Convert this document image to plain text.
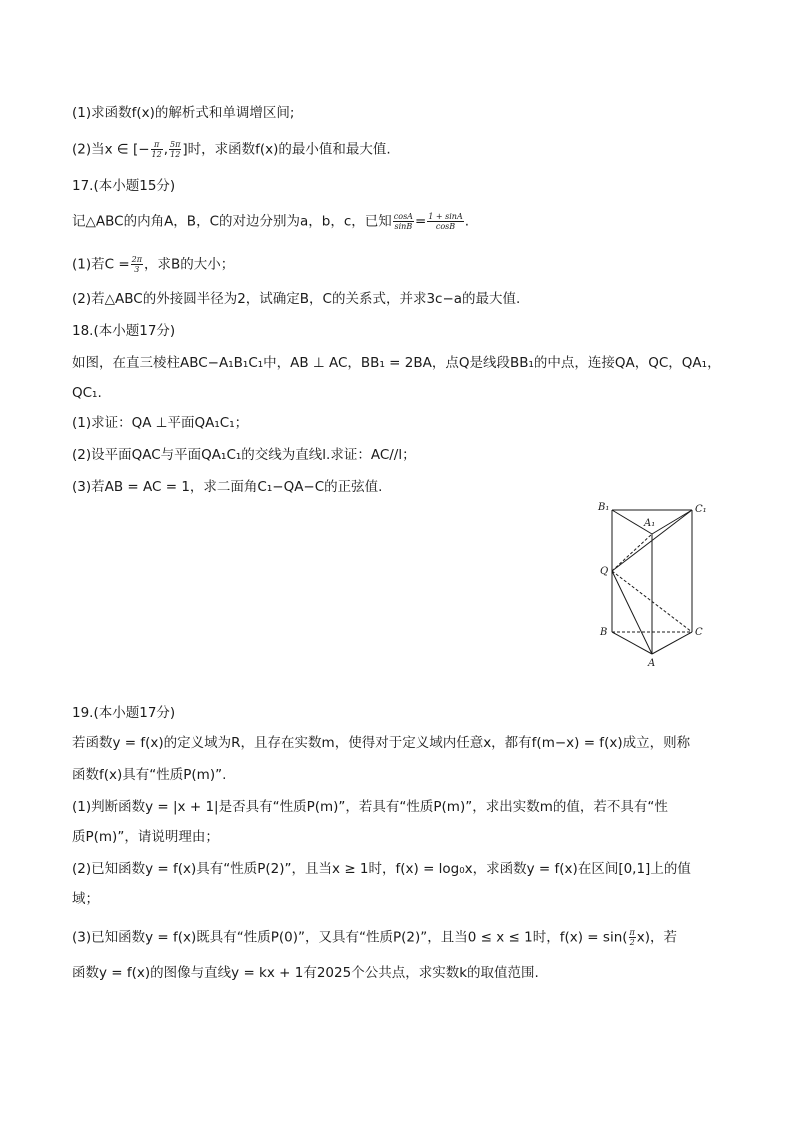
(1)求函数f(x)的解析式和单调增区间;
(2)当x ∈ [− $\frac{\pi}{12}$ , $\frac{5\pi}{12}$ ]时，求函数f(x)的最小值和最大值.
17.(本小题15分)
记△ABC的内角A，B，C的对边分别为a，b，c，已知 $\frac{\cos A}{\sin B} = \frac{1 + \sin A}{\cos B}$ .
(1)若$C = \frac{2\pi}{3}$ ，求B的大小；
(2)若△ABC的外接圆半径为2，试确定B，C的关系式，并求3c−a的最大值.
18.(本小题17分)
如图，在直三棱柱ABC−A₁B₁C₁中，AB ⊥ AC，BB₁ = 2BA，点Q是线段BB₁的中点，连接QA，QC，QA₁，
QC₁.
(1)求证：QA ⊥平面QA₁C₁；
(2)设平面QAC与平面QA₁C₁的交线为直线l.求证：AC//l；
(3)若AB = AC = 1，求二面角C₁−QA−C的正弦值.
B₁
A₁
C₁
Q
B	C
A
19.(本小题17分)
若函数y = f(x)的定义域为R，且存在实数m，使得对于定义域内任意x，都有f(m−x) = f(x)成立，则称
函数f(x)具有“性质P(m)”.
(1)判断函数y = |x + 1|是否具有“性质P(m)”，若具有“性质P(m)”，求出实数m的值，若不具有“性
质P(m)”，请说明理由；
(2)已知函数y = f(x)具有“性质P(2)”，且当x ≥ 1时，f(x) = log₀x，求函数y = f(x)在区间[0,1]上的值
域；
(3)已知函数y = f(x)既具有“性质P(0)”，又具有“性质P(2)”，且当0 ≤ x ≤ 1时，$f(x) = \sin( \frac{\pi}{2} x)$，若
函数y = f(x)的图像与直线y = kx + 1有2025个公共点，求实数k的取值范围.
